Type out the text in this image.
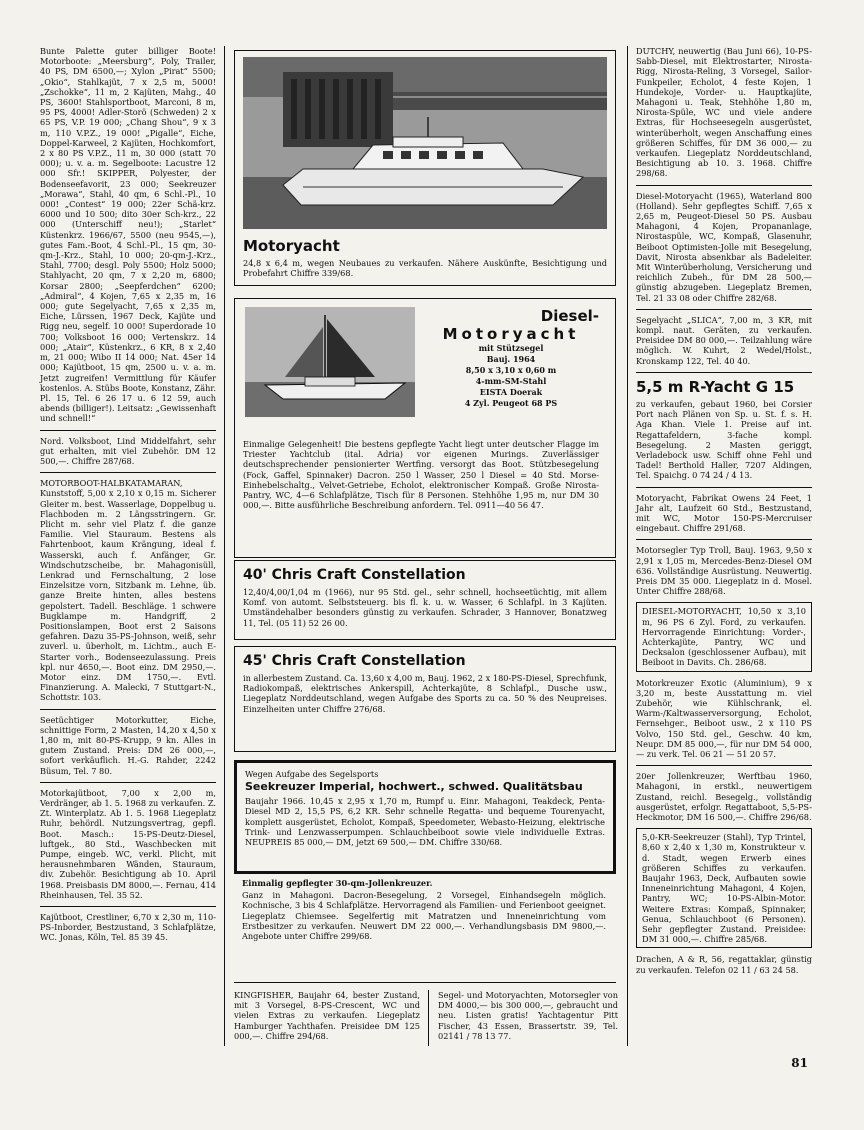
Bunte Palette guter billiger Boote! Motorboote: „Meersburg“, Poly, Trailer, 40 PS, DM 6500,—; Xylon „Pirat“ 5500; „Okio“, Stahlkajüt, 7 x 2,5 m, 5000! „Zschokke“, 11 m, 2 Kajüten, Mahg., 40 PS, 3600! Stahlsportboot, Marconi, 8 m, 95 PS, 4000! Adler-Storö (Schweden) 2 x 65 PS, V.P. 19 000; „Chang Shou“, 9 x 3 m, 110 V.P.Z., 19 000! „Pigalle“, Eiche, Doppel-Karweel, 2 Kajüten, Hochkomfort, 2 x 80 PS V.P.Z., 11 m, 30 000 (statt 70 000); u. v. a. m. Segelboote: Lacustre 12 000 Sfr.! SKIPPER, Polyester, der Bodenseefavorit, 23 000; Seekreuzer „Morawa“, Stahl, 40 qm, 6 Schl.-Pl., 10 000! „Contest“ 19 000; 22er Schä-krz. 6000 und 10 500; dito 30er Sch-krz., 22 000 (Unterschiff neu!); „Starlet“ Küstenkrz. 1966/67, 5500 (neu 9545,—), gutes Fam.-Boot, 4 Schl.-Pl., 15 qm, 30-qm-J.-Krz., Stahl, 10 000; 20-qm-J.-Krz., Stahl, 7700; desgl. Poly 5500; Holz 5000; Stahlyacht, 20 qm, 7 x 2,20 m, 6800; Korsar 2800; „Seepferdchen“ 6200; „Admiral“, 4 Kojen, 7,65 x 2,35 m, 16 000; gute Segelyacht, 7,65 x 2,35 m, Eiche, Lürssen, 1967 Deck, Kajüte und Rigg neu, segelf. 10 000! Superdorade 10 700; Volksboot 16 000; Vertenskrz. 14 000; „Atair“, Küstenkrz., 6 KR, 8 x 2,40 m, 21 000; Wibo II 14 000; Nat. 45er 14 000; Kajütboot, 15 qm, 2500 u. v. a. m. Jetzt zugreifen! Vermittlung für Käufer kostenlos. A. Stübs Boote, Konstanz, Zähr. Pl. 15, Tel. 6 26 17 u. 6 12 59, auch abends (billiger!). Leitsatz: „Gewissenhaft und schnell!“

Nord. Volksboot, Lind Middelfahrt, sehr gut erhalten, mit viel Zubehör. DM 12 500,—. Chiffre 287/68.

MOTORBOOT-HALBKATAMARAN, Kunststoff, 5,00 x 2,10 x 0,15 m. Sicherer Gleiter m. best. Wasserlage, Doppelbug u. Flachboden m. 2 Längsstringern. Gr. Plicht m. sehr viel Platz f. die ganze Familie. Viel Stauraum. Bestens als Fahrtenboot, kaum Krängung, ideal f. Wasserski, auch f. Anfänger, Gr. Windschutzscheibe, br. Mahagonisüll, Lenkrad und Fernschaltung, 2 lose Einzelsitze vorn, Sitzbank m. Lehne, üb. ganze Breite hinten, alles bestens gepolstert. Tadell. Beschläge. 1 schwere Bugklampe m. Handgriff, 2 Positionslampen, Boot erst 2 Saisons gefahren. Dazu 35-PS-Johnson, weiß, sehr zuverl. u. überholt, m. Lichtm., auch E-Starter vorh., Bodenseezulassung. Preis kpl. nur 4650,—. Boot einz. DM 2950,—. Motor einz. DM 1750,—. Evtl. Finanzierung. A. Malecki, 7 Stuttgart-N., Schottstr. 103.

Seetüchtiger Motorkutter, Eiche, schnittige Form, 2 Masten, 14,20 x 4,50 x 1,80 m, mit 80-PS-Krupp, 9 kn. Alles in gutem Zustand. Preis: DM 26 000,—, sofort verkäuflich. H.-G. Rahder, 2242 Büsum, Tel. 7 80.

Motorkajütboot, 7,00 x 2,00 m, Verdränger, ab 1. 5. 1968 zu verkaufen. Z. Zt. Winterplatz. Ab 1. 5. 1968 Liegeplatz Ruhr, behördl. Nutzungsvertrag, gepfl. Boot. Masch.: 15-PS-Deutz-Diesel, luftgek., 80 Std., Waschbecken mit Pumpe, eingeb. WC, verkl. Plicht, mit herausnehmbaren Wänden, Stauraum, div. Zubehör. Besichtigung ab 10. April 1968. Preisbasis DM 8000,—. Fernau, 414 Rheinhausen, Tel. 35 52.

Kajütboot, Crestliner, 6,70 x 2,30 m, 110-PS-Inborder, Bestzustand, 3 Schlafplätze, WC. Jonas, Köln, Tel. 85 39 45.

Motoryacht
24,8 x 6,4 m, wegen Neubaues zu verkaufen. Nähere Auskünfte, Besichtigung und Probefahrt Chiffre 339/68.
Diesel-
Motoryacht
mit Stützsegel
Bauj. 1964
8,50 x 3,10 x 0,60 m
4-mm-SM-Stahl
EISTA Doerak
4 Zyl. Peugeot 68 PS
Einmalige Gelegenheit! Die bestens gepflegte Yacht liegt unter deutscher Flagge im Triester Yachtclub (ital. Adria) vor eigenen Murings. Zuverlässiger deutschsprechender pensionierter Wertfing. versorgt das Boot. Stützbesegelung (Fock, Gaffel, Spinnaker) Dacron. 250 l Wasser, 250 l Diesel = 40 Std. Morse-Einhebelschaltg., Velvet-Getriebe, Echolot, elektronischer Kompaß. Große Nirosta-Pantry, WC, 4—6 Schlafplätze, Tisch für 8 Personen. Stehhöhe 1,95 m, nur DM 30 000,—. Bitte ausführliche Beschreibung anfordern. Tel. 0911—40 56 47.
40' Chris Craft Constellation
12,40/4,00/1,04 m (1966), nur 95 Std. gel., sehr schnell, hochseetüchtig, mit allem Komf. von automt. Selbststeuerg. bis fl. k. u. w. Wasser, 6 Schlafpl. in 3 Kajüten. Umständehalber besonders günstig zu verkaufen. Schrader, 3 Hannover, Bonatzweg 11, Tel. (05 11) 52 26 00.
45' Chris Craft Constellation
in allerbestem Zustand. Ca. 13,60 x 4,00 m, Bauj. 1962, 2 x 180-PS-Diesel, Sprechfunk, Radiokompaß, elektrisches Ankerspill, Achterkajüte, 8 Schlafpl., Dusche usw., Liegeplatz Norddeutschland, wegen Aufgabe des Sports zu ca. 50 % des Neupreises. Einzelheiten unter Chiffre 276/68.
Wegen Aufgabe des Segelsports
Seekreuzer Imperial, hochwert., schwed. Qualitätsbau
Baujahr 1966. 10,45 x 2,95 x 1,70 m, Rumpf u. Einr. Mahagoni, Teakdeck, Penta-Diesel MD 2, 15,5 PS, 6,2 KR. Sehr schnelle Regatta- und bequeme Tourenyacht, komplett ausgerüstet, Echolot, Kompaß, Speedometer, Webasto-Heizung, elektrische Trink- und Lenzwasserpumpen. Schlauchbeiboot sowie viele individuelle Extras. NEUPREIS 85 000,— DM, jetzt 69 500,— DM. Chiffre 330/68.
Einmalig gepflegter 30-qm-Jollenkreuzer.
Ganz in Mahagoni. Dacron-Besegelung, 2 Vorsegel, Einhandsegeln möglich. Kochnische, 3 bis 4 Schlafplätze. Hervorragend als Familien- und Ferienboot geeignet. Liegeplatz Chiemsee. Segelfertig mit Matratzen und Inneneinrichtung vom Erstbesitzer zu verkaufen. Neuwert DM 22 000,—. Verhandlungsbasis DM 9800,—. Angebote unter Chiffre 299/68.

KINGFISHER, Baujahr 64, bester Zustand, mit 3 Vorsegel, 8-PS-Crescent, WC und vielen Extras zu verkaufen. Liegeplatz Hamburger Yachthafen. Preisidee DM 125 000,—. Chiffre 294/68.

Segel- und Motoryachten, Motorsegler von DM 4000,— bis 300 000,—, gebraucht und neu. Listen gratis! Yachtagentur Pitt Fischer, 43 Essen, Brassertstr. 39, Tel. 02141 / 78 13 77.

DUTCHY, neuwertig (Bau Juni 66), 10-PS-Sabb-Diesel, mit Elektrostarter, Nirosta-Rigg, Nirosta-Reling, 3 Vorsegel, Sailor-Funkpeiler, Echolot, 4 feste Kojen, 1 Hundekoje, Vorder- u. Hauptkajüte, Mahagoni u. Teak, Stehhöhe 1,80 m, Nirosta-Spüle, WC und viele andere Extras, für Hochseesegeln ausgerüstet, winterüberholt, wegen Anschaffung eines größeren Schiffes, für DM 36 000,— zu verkaufen. Liegeplatz Norddeutschland, Besichtigung ab 10. 3. 1968. Chiffre 298/68.

Diesel-Motoryacht (1965), Waterland 800 (Holland). Sehr gepflegtes Schiff. 7,65 x 2,65 m, Peugeot-Diesel 50 PS. Ausbau Mahagoni, 4 Kojen, Propananlage, Nirostaspüle, WC, Kompaß, Glasenuhr, Beiboot Optimisten-Jolle mit Besegelung, Davit, Nirosta absenkbar als Badeleiter. Mit Winterüberholung, Versicherung und reichlich Zubeh., für DM 28 500,— günstig abzugeben. Liegeplatz Bremen, Tel. 21 33 08 oder Chiffre 282/68.

Segelyacht „SLICA“, 7,00 m, 3 KR, mit kompl. naut. Geräten, zu verkaufen. Preisidee DM 80 000,—. Teilzahlung wäre möglich. W. Kuhrt, 2 Wedel/Holst., Kronskamp 122, Tel. 40 40.

5,5 m R-Yacht G 15

zu verkaufen, gebaut 1960, bei Corsier Port nach Plänen von Sp. u. St. f. s. H. Aga Khan. Viele 1. Preise auf int. Regattafeldern, 3-fache kompl. Besegelung. 2 Masten geriggt, Verladebock usw. Schiff ohne Fehl und Tadel! Berthold Haller, 7207 Aldingen, Tel. Spaichg. 0 74 24 / 4 13.

Motoryacht, Fabrikat Owens 24 Feet, 1 Jahr alt, Laufzeit 60 Std., Bestzustand, mit WC, Motor 150-PS-Mercruiser eingebaut. Chiffre 291/68.

Motorsegler Typ Troll, Bauj. 1963, 9,50 x 2,91 x 1,05 m, Mercedes-Benz-Diesel OM 636. Vollständige Ausrüstung. Neuwertig. Preis DM 35 000. Liegeplatz in d. Mosel. Unter Chiffre 288/68.

DIESEL-MOTORYACHT, 10,50 x 3,10 m, 96 PS 6 Zyl. Ford, zu verkaufen. Hervorragende Einrichtung: Vorder-, Achterkajüte, Pantry, WC und Decksalon (geschlossener Aufbau), mit Beiboot in Davits. Ch. 286/68.

Motorkreuzer Exotic (Aluminium), 9 x 3,20 m, beste Ausstattung m. viel Zubehör, wie Kühlschrank, el. Warm-/Kaltwasserversorgung, Echolot, Fernsehger., Beiboot usw., 2 x 110 PS Volvo, 150 Std. gel., Geschw. 40 km, Neupr. DM 85 000,—, für nur DM 54 000,— zu verk. Tel. 06 21 — 51 20 57.

20er Jollenkreuzer, Werftbau 1960, Mahagoni, in erstkl., neuwertigem Zustand, reichl. Besegelg., vollständig ausgerüstet, erfolgr. Regattaboot, 5,5-PS-Heckmotor, DM 16 500,—. Chiffre 296/68.

5,0-KR-Seekreuzer (Stahl), Typ Trintel, 8,60 x 2,40 x 1,30 m, Konstrukteur v. d. Stadt, wegen Erwerb eines größeren Schiffes zu verkaufen. Baujahr 1963, Deck, Aufbauten sowie Inneneinrichtung Mahagoni, 4 Kojen, Pantry, WC; 10-PS-Albin-Motor. Weitere Extras: Kompaß, Spinnaker, Genua, Schlauchboot (6 Personen). Sehr gepflegter Zustand. Preisidee: DM 31 000,—. Chiffre 285/68.

Drachen, A & R, 56, regattaklar, günstig zu verkaufen. Telefon 02 11 / 63 24 58.

81
